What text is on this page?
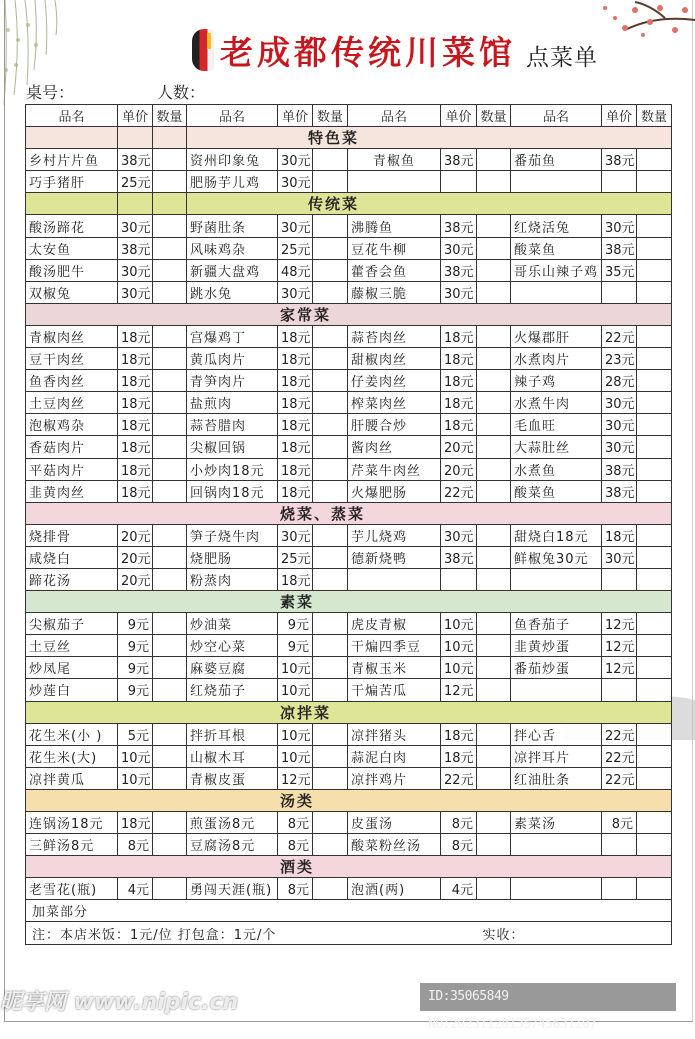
老成都传统川菜馆 点菜单
桌号：	人数：
品名	单价	数量	品名	单价	数量	品名	单价	数量	品名	单价	数量
			特色菜								
乡村片片鱼	38元		资州印象兔	30元		青椒鱼	38元		番茄鱼	38元	
巧手猪肝	25元		肥肠芋儿鸡	30元							
			传统菜								
酸汤蹄花	30元		野菌肚条	30元		沸腾鱼	38元		红烧活兔	30元	
太安鱼	38元		风味鸡杂	25元		豆花牛柳	30元		酸菜鱼	38元	
酸汤肥牛	30元		新疆大盘鸡	48元		藿香会鱼	38元		哥乐山辣子鸡	35元	
双椒兔	30元		跳水兔	30元		藤椒三脆	30元				
家常菜											
青椒肉丝	18元		宫爆鸡丁	18元		蒜苔肉丝	18元		火爆郡肝	22元	
豆干肉丝	18元		黄瓜肉片	18元		甜椒肉丝	18元		水煮肉片	23元	
鱼香肉丝	18元		青笋肉片	18元		仔姜肉丝	18元		辣子鸡	28元	
土豆肉丝	18元		盐煎肉	18元		榨菜肉丝	18元		水煮牛肉	30元	
泡椒鸡杂	18元		蒜苔腊肉	18元		肝腰合炒	18元		毛血旺	30元	
香菇肉片	18元		尖椒回锅	18元		酱肉丝	20元		大蒜肚丝	30元	
平菇肉片	18元		小炒肉18元	18元		芹菜牛肉丝	20元		水煮鱼	38元	
韭黄肉丝	18元		回锅肉18元	18元		火爆肥肠	22元		酸菜鱼	38元	
烧菜、蒸菜											
烧排骨	20元		笋子烧牛肉	30元		芋儿烧鸡	30元		甜烧白18元	18元	
咸烧白	20元		烧肥肠	25元		德新烧鸭	38元		鲜椒兔30元	30元	
蹄花汤	20元		粉蒸肉	18元							
素菜											
尖椒茄子	9元		炒油菜	9元		虎皮青椒	10元		鱼香茄子	12元	
土豆丝	9元		炒空心菜	9元		干煸四季豆	10元		韭黄炒蛋	12元	
炒凤尾	9元		麻婆豆腐	10元		青椒玉米	10元		番茄炒蛋	12元	
炒莲白	9元		红烧茄子	10元		干煸苦瓜	12元				
凉拌菜											
花生米(小 )	5元		拌折耳根	10元		凉拌猪头	18元		拌心舌	22元	
花生米(大)	10元		山椒木耳	10元		蒜泥白肉	18元		凉拌耳片	22元	
凉拌黄瓜	10元		青椒皮蛋	12元		凉拌鸡片	22元		红油肚条	22元	
汤类											
连锅汤18元	18元		煎蛋汤8元	8元		皮蛋汤	8元		素菜汤	8元	
三鲜汤8元	8元		豆腐汤8元	8元		酸菜粉丝汤	8元				
酒类											
老雪花(瓶)	4元		勇闯天涯(瓶)	8元		泡酒(两)	4元				
加菜部分											
注：本店米饭：1元/位 打包盒：1元/个								实收：			
昵享网 www.nipic.cn	ID:35065849 NO:20231128135745631107
